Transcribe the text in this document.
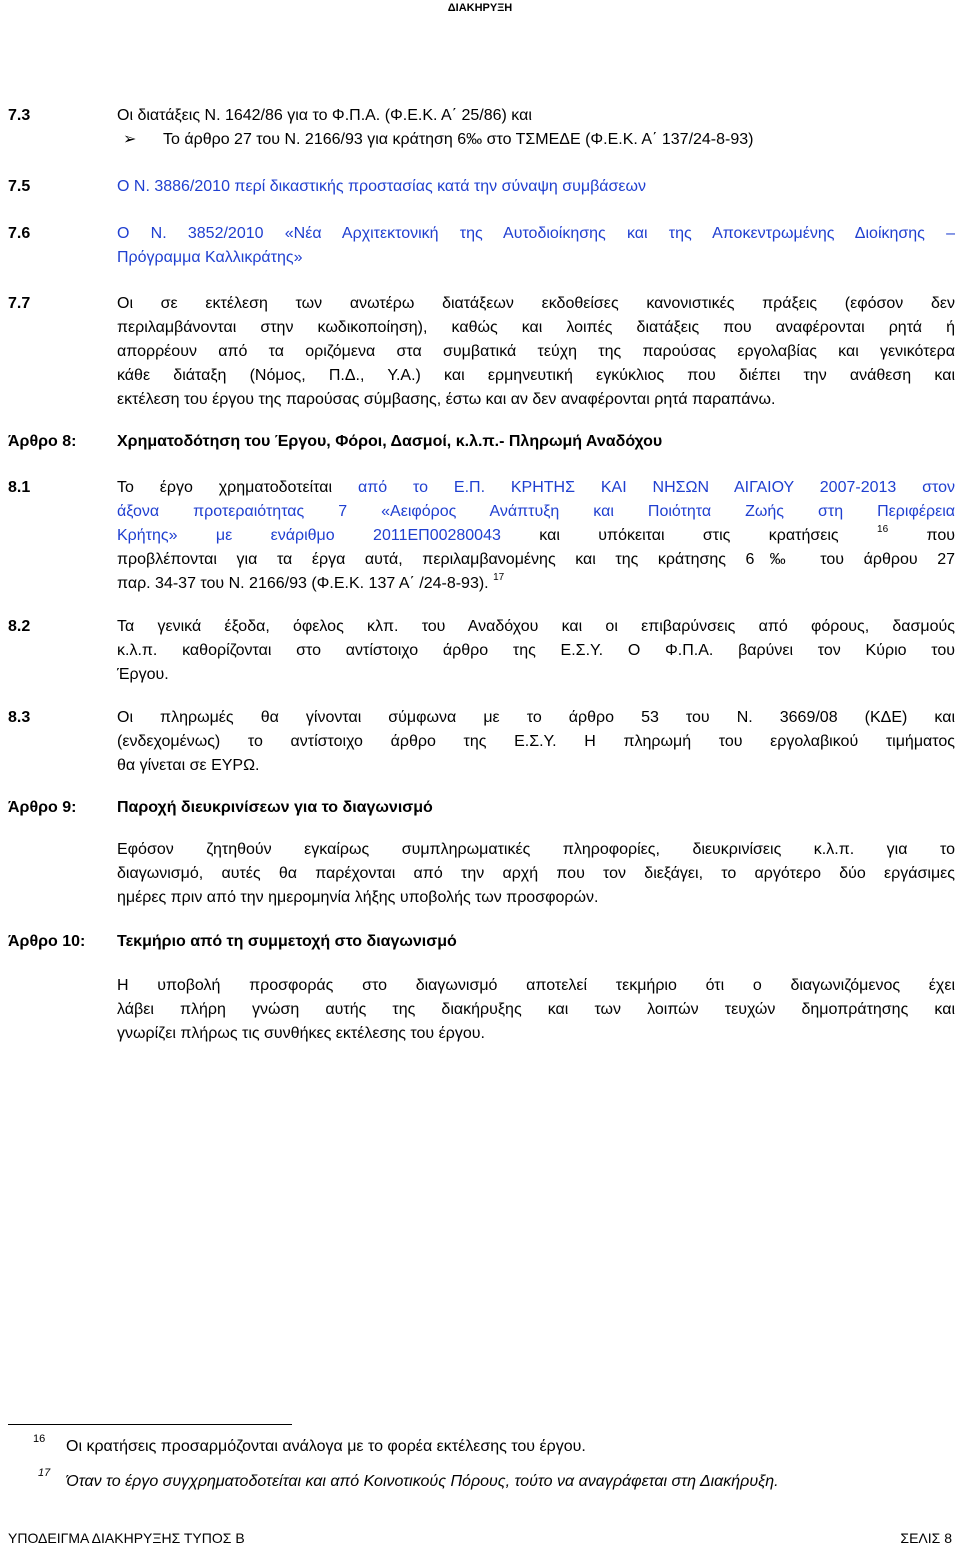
ΔΙΑΚΗΡΥΞΗ
7.3	Οι διατάξεις Ν. 1642/86 για το Φ.Π.Α. (Φ.Ε.Κ. Α΄ 25/86) και
➢ Το άρθρο 27 του Ν. 2166/93 για κράτηση 6‰ στο ΤΣΜΕΔΕ (Φ.Ε.Κ. Α΄ 137/24-8-93)
7.5	Ο Ν. 3886/2010 περί δικαστικής προστασίας κατά την σύναψη συμβάσεων
7.6	Ο Ν. 3852/2010 «Νέα Αρχιτεκτονική της Αυτοδιοίκησης και της Αποκεντρωμένης Διοίκησης –
Πρόγραμμα Καλλικράτης»
7.7	Οι σε εκτέλεση των ανωτέρω διατάξεων εκδοθείσες κανονιστικές πράξεις (εφόσον δεν
περιλαμβάνονται στην κωδικοποίηση), καθώς και λοιπές διατάξεις που αναφέρονται ρητά ή
απορρέουν από τα οριζόμενα στα συμβατικά τεύχη της παρούσας εργολαβίας και γενικότερα
κάθε διάταξη (Νόμος, Π.Δ., Υ.Α.) και ερμηνευτική εγκύκλιος που διέπει την ανάθεση και
εκτέλεση του έργου της παρούσας σύμβασης, έστω και αν δεν αναφέρονται ρητά παραπάνω.
Άρθρο 8:	Χρηματοδότηση του Έργου, Φόροι, Δασμοί, κ.λ.π.- Πληρωμή Αναδόχου
8.1	Το έργο χρηματοδοτείται από το Ε.Π. ΚΡΗΤΗΣ ΚΑΙ ΝΗΣΩΝ ΑΙΓΑΙΟΥ 2007-2013 στον
άξονα προτεραιότητας 7 «Αειφόρος Ανάπτυξη και Ποιότητα Ζωής στη Περιφέρεια
Κρήτης» με ενάριθμο 2011ΕΠ00280043 και υπόκειται στις κρατήσεις	$^{16}$ που
προβλέπονται για τα έργα αυτά, περιλαμβανομένης και της κράτησης 6‰ του άρθρου 27
παρ. 34-37 του Ν. 2166/93 (Φ.Ε.Κ. 137 Α΄ /24-8-93). $^{17}$
8.2	Τα γενικά έξοδα, όφελος κλπ. του Αναδόχου και οι επιβαρύνσεις από φόρους, δασμούς
κ.λ.π. καθορίζονται στο αντίστοιχο άρθρο της Ε.Σ.Υ. Ο Φ.Π.Α. βαρύνει τον Κύριο του
Έργου.
8.3	Οι πληρωμές θα γίνονται σύμφωνα με το άρθρο 53 του Ν. 3669/08 (ΚΔΕ) και
(ενδεχομένως) το αντίστοιχο άρθρο της Ε.Σ.Υ. Η πληρωμή του εργολαβικού τιμήματος
θα γίνεται σε ΕΥΡΩ.
Άρθρο 9:	Παροχή διευκρινίσεων για το διαγωνισμό
Εφόσον ζητηθούν εγκαίρως συμπληρωματικές πληροφορίες, διευκρινίσεις κ.λ.π. για το
διαγωνισμό, αυτές θα παρέχονται από την αρχή που τον διεξάγει, το αργότερο δύο εργάσιμες
ημέρες πριν από την ημερομηνία λήξης υποβολής των προσφορών.
Άρθρο 10: Τεκμήριο από τη συμμετοχή στο διαγωνισμό
Η υποβολή προσφοράς στο διαγωνισμό αποτελεί τεκμήριο ότι ο διαγωνιζόμενος έχει
λάβει πλήρη γνώση αυτής της διακήρυξης και των λοιπών τευχών δημοπράτησης και
γνωρίζει πλήρως τις συνθήκες εκτέλεσης του έργου.
16 Οι κρατήσεις προσαρμόζονται ανάλογα με το φορέα εκτέλεσης του έργου.
17 Όταν το έργο συγχρηματοδοτείται και από Κοινοτικούς Πόρους, τούτο να αναγράφεται στη Διακήρυξη.
ΥΠΟΔΕΙΓΜΑ ΔΙΑΚΗΡΥΞΗΣ ΤΥΠΟΣ Β	ΣΕΛΙΣ 8
